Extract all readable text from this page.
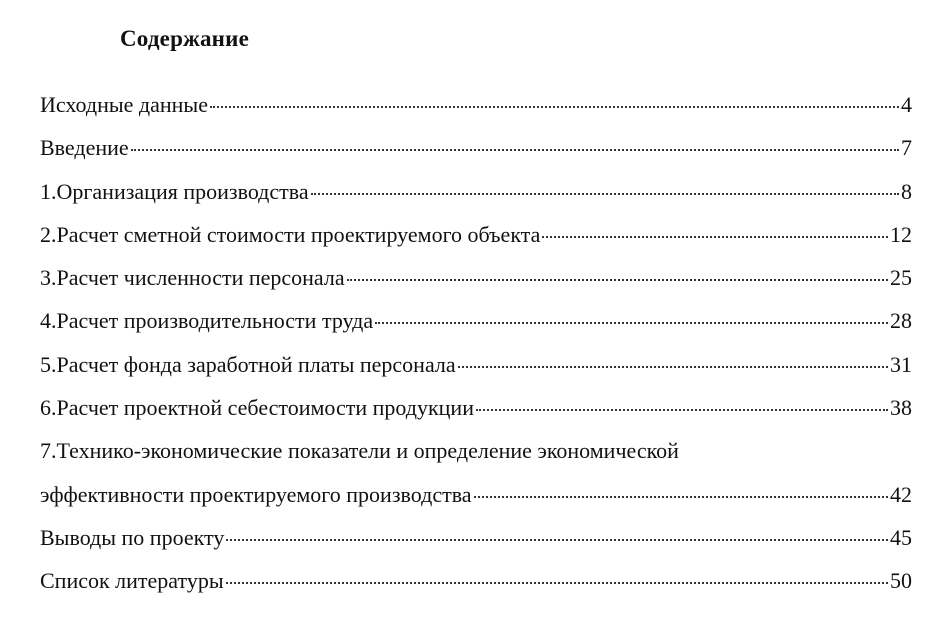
Содержание
Исходные данные	4
Введение	7
1.Организация производства	8
2.Расчет сметной стоимости проектируемого объекта	12
3.Расчет численности персонала	25
4.Расчет производительности труда	28
5.Расчет фонда заработной платы персонала	31
6.Расчет проектной себестоимости продукции	38
7.Технико-экономические показатели и определение экономической
эффективности проектируемого производства	42
Выводы по проекту	45
Список литературы	50
